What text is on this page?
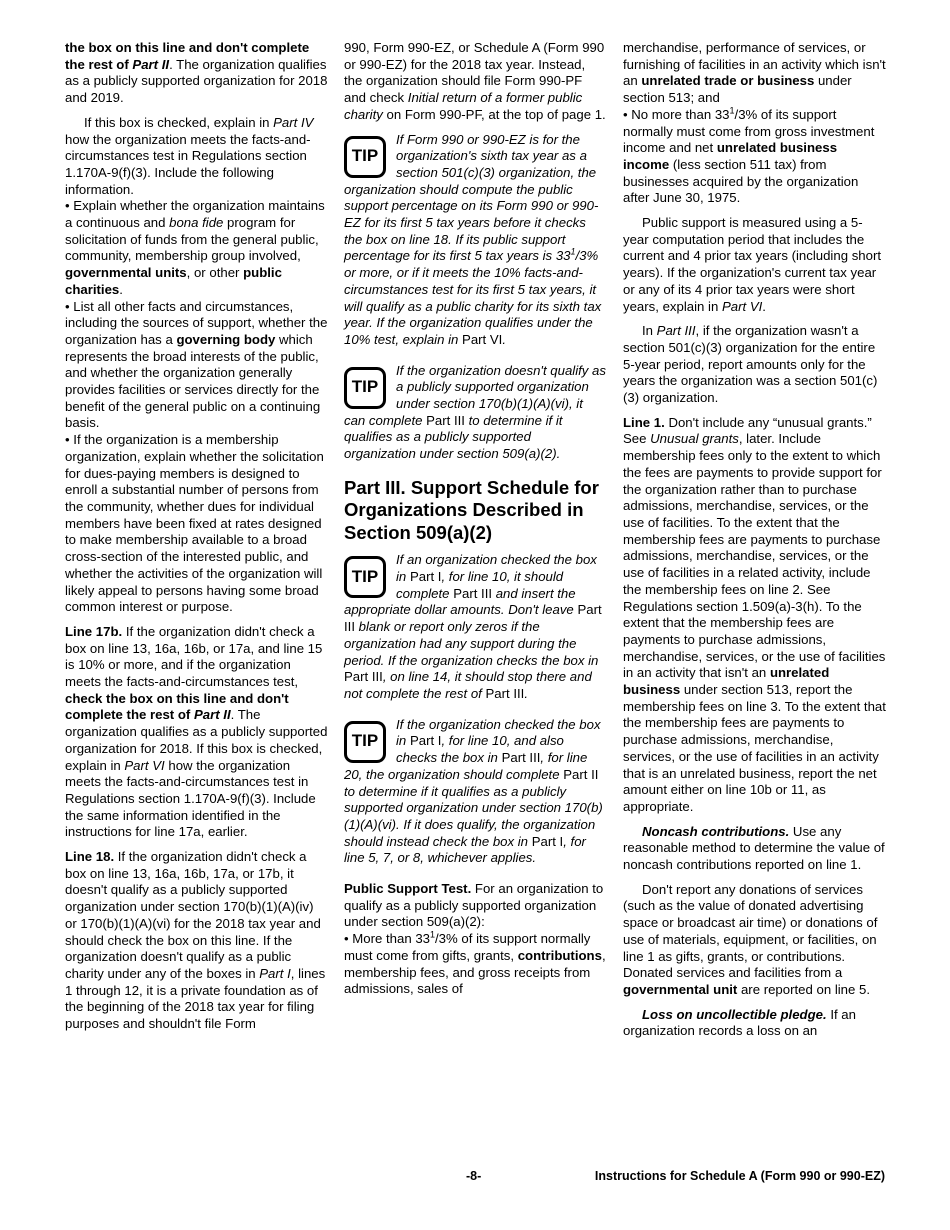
the box on this line and don't complete the rest of Part II. The organization qualifies as a publicly supported organization for 2018 and 2019.

If this box is checked, explain in Part IV how the organization meets the facts-and-circumstances test in Regulations section 1.170A-9(f)(3). Include the following information.

• Explain whether the organization maintains a continuous and bona fide program for solicitation of funds from the general public, community, membership group involved, governmental units, or other public charities.

• List all other facts and circumstances, including the sources of support, whether the organization has a governing body which represents the broad interests of the public, and whether the organization generally provides facilities or services directly for the benefit of the general public on a continuing basis.

• If the organization is a membership organization, explain whether the solicitation for dues-paying members is designed to enroll a substantial number of persons from the community, whether dues for individual members have been fixed at rates designed to make membership available to a broad cross-section of the interested public, and whether the activities of the organization will likely appeal to persons having some broad common interest or purpose.

Line 17b. If the organization didn't check a box on line 13, 16a, 16b, or 17a, and line 15 is 10% or more, and if the organization meets the facts-and-circumstances test, check the box on this line and don't complete the rest of Part II. The organization qualifies as a publicly supported organization for 2018. If this box is checked, explain in Part VI how the organization meets the facts-and-circumstances test in Regulations section 1.170A-9(f)(3). Include the same information identified in the instructions for line 17a, earlier.

Line 18. If the organization didn't check a box on line 13, 16a, 16b, 17a, or 17b, it doesn't qualify as a publicly supported organization under section 170(b)(1)(A)(iv) or 170(b)(1)(A)(vi) for the 2018 tax year and should check the box on this line. If the organization doesn't qualify as a public charity under any of the boxes in Part I, lines 1 through 12, it is a private foundation as of the beginning of the 2018 tax year for filing purposes and shouldn't file Form

990, Form 990-EZ, or Schedule A (Form 990 or 990-EZ) for the 2018 tax year. Instead, the organization should file Form 990-PF and check Initial return of a former public charity on Form 990-PF, at the top of page 1.

TIP
If Form 990 or 990-EZ is for the organization's sixth tax year as a section 501(c)(3) organization, the organization should compute the public support percentage on its Form 990 or 990-EZ for its first 5 tax years before it checks the box on line 18. If its public support percentage for its first 5 tax years is $33^1/3\%$ or more, or if it meets the 10% facts-and-circumstances test for its first 5 tax years, it will qualify as a public charity for its sixth tax year. If the organization qualifies under the 10% test, explain in Part VI.
TIP
If the organization doesn't qualify as a publicly supported organization under section 170(b)(1)(A)(vi), it can complete Part III to determine if it qualifies as a publicly supported organization under section 509(a)(2).
Part III. Support Schedule for Organizations Described in Section 509(a)(2)
TIP
If an organization checked the box in Part I, for line 10, it should complete Part III and insert the appropriate dollar amounts. Don't leave Part III blank or report only zeros if the organization had any support during the period. If the organization checks the box in Part III, on line 14, it should stop there and not complete the rest of Part III.
TIP
If the organization checked the box in Part I, for line 10, and also checks the box in Part III, for line 20, the organization should complete Part II to determine if it qualifies as a publicly supported organization under section 170(b)(1)(A)(vi). If it does qualify, the organization should instead check the box in Part I, for line 5, 7, or 8, whichever applies.

Public Support Test. For an organization to qualify as a publicly supported organization under section 509(a)(2):

• More than $33^1/3\%$ of its support normally must come from gifts, grants, contributions, membership fees, and gross receipts from admissions, sales of

merchandise, performance of services, or furnishing of facilities in an activity which isn't an unrelated trade or business under section 513; and

• No more than $33^1/3\%$ of its support normally must come from gross investment income and net unrelated business income (less section 511 tax) from businesses acquired by the organization after June 30, 1975.

Public support is measured using a 5-year computation period that includes the current and 4 prior tax years (including short years). If the organization's current tax year or any of its 4 prior tax years were short years, explain in Part VI.

In Part III, if the organization wasn't a section 501(c)(3) organization for the entire 5-year period, report amounts only for the years the organization was a section 501(c)(3) organization.

Line 1. Don't include any “unusual grants.” See Unusual grants, later. Include membership fees only to the extent to which the fees are payments to provide support for the organization rather than to purchase admissions, merchandise, services, or the use of facilities. To the extent that the membership fees are payments to purchase admissions, merchandise, services, or the use of facilities in a related activity, include the membership fees on line 2. See Regulations section 1.509(a)-3(h). To the extent that the membership fees are payments to purchase admissions, merchandise, services, or the use of facilities in an activity that isn't an unrelated business under section 513, report the membership fees on line 3. To the extent that the membership fees are payments to purchase admissions, merchandise, services, or the use of facilities in an activity that is an unrelated business, report the net amount either on line 10b or 11, as appropriate.

Noncash contributions. Use any reasonable method to determine the value of noncash contributions reported on line 1.

Don't report any donations of services (such as the value of donated advertising space or broadcast air time) or donations of use of materials, equipment, or facilities, on line 1 as gifts, grants, or contributions. Donated services and facilities from a governmental unit are reported on line 5.

Loss on uncollectible pledge. If an organization records a loss on an

-8-	Instructions for Schedule A (Form 990 or 990-EZ)
